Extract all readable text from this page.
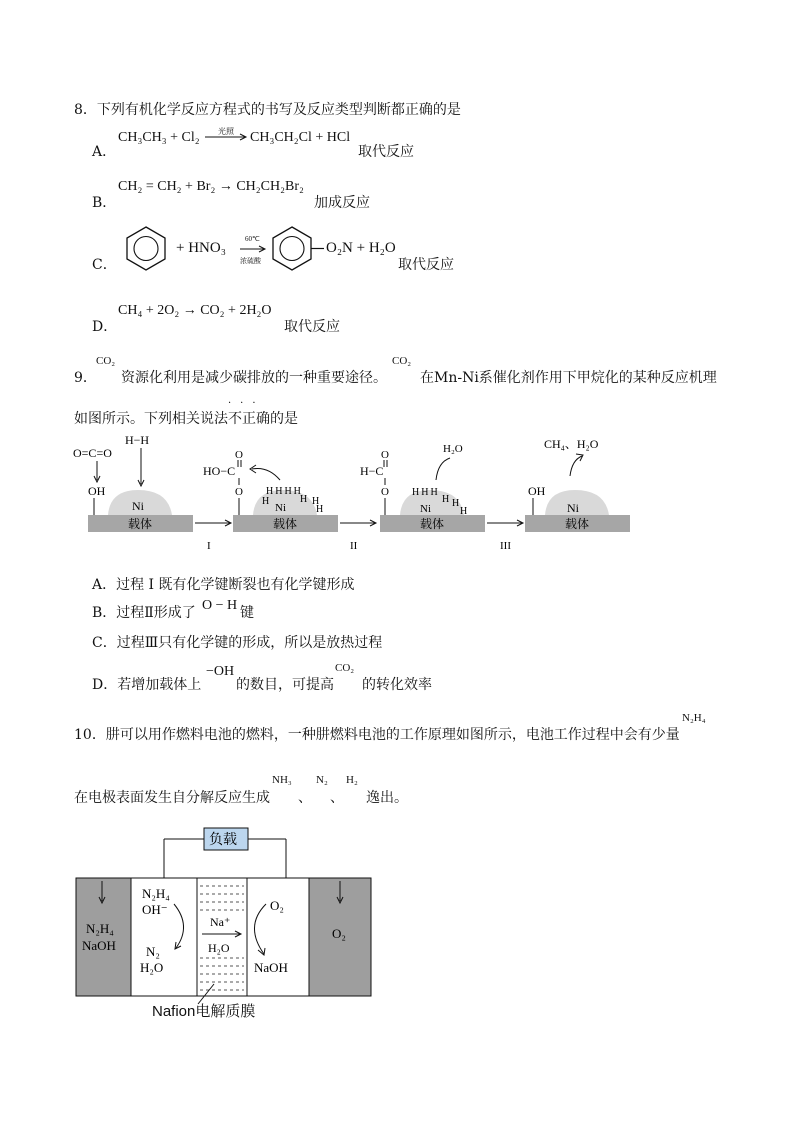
8．下列有机化学反应方程式的书写及反应类型判断都正确的是
A．
CH₃CH₃ + Cl₂ 光照 CH₃CH₂Cl + HCl
取代反应
B．
CH₂ = CH₂ + Br₂ → CH₂CH₂Br₂
加成反应
C．
+ HNO₃
60℃
浓硫酸
O₂N + H₂O
取代反应
D．
CH₄ + 2O₂ → CO₂ + 2H₂O
取代反应
9．
CO₂
资源化利用是减少碳排放的一种重要途径。
CO₂
在Mn-Ni系催化剂作用下甲烷化的某种反应机理
如图所示。下列相关说法不正确的是
···
载体
Ni
O=C=O
H−H
OH
I
载体
Ni
HO−C
O
O HHHH
H
H	H
H
II
载体
Ni
H−C
O
O
H₂O
HHH
H H
H
III
载体
Ni
OH
CH₄、H₂O
A．过程 I 既有化学键断裂也有化学键形成
B．过程Ⅱ形成了 O − H 键
C．过程Ⅲ只有化学键的形成，所以是放热过程
D．若增加载体上
−OH
的数目，可提高
CO₂
的转化效率
10．肼可以用作燃料电池的燃料，一种肼燃料电池的工作原理如图所示，电池工作过程中会有少量
N₂H₄
在电极表面发生自分解反应生成
NH₃
、
N₂
、
H₂
逸出。
负载
N₂H₄
NaOH
N₂H₄
OH⁻
N₂
H₂O
Na⁺
H₂O
O₂
NaOH
O₂
Nafion电解质膜
